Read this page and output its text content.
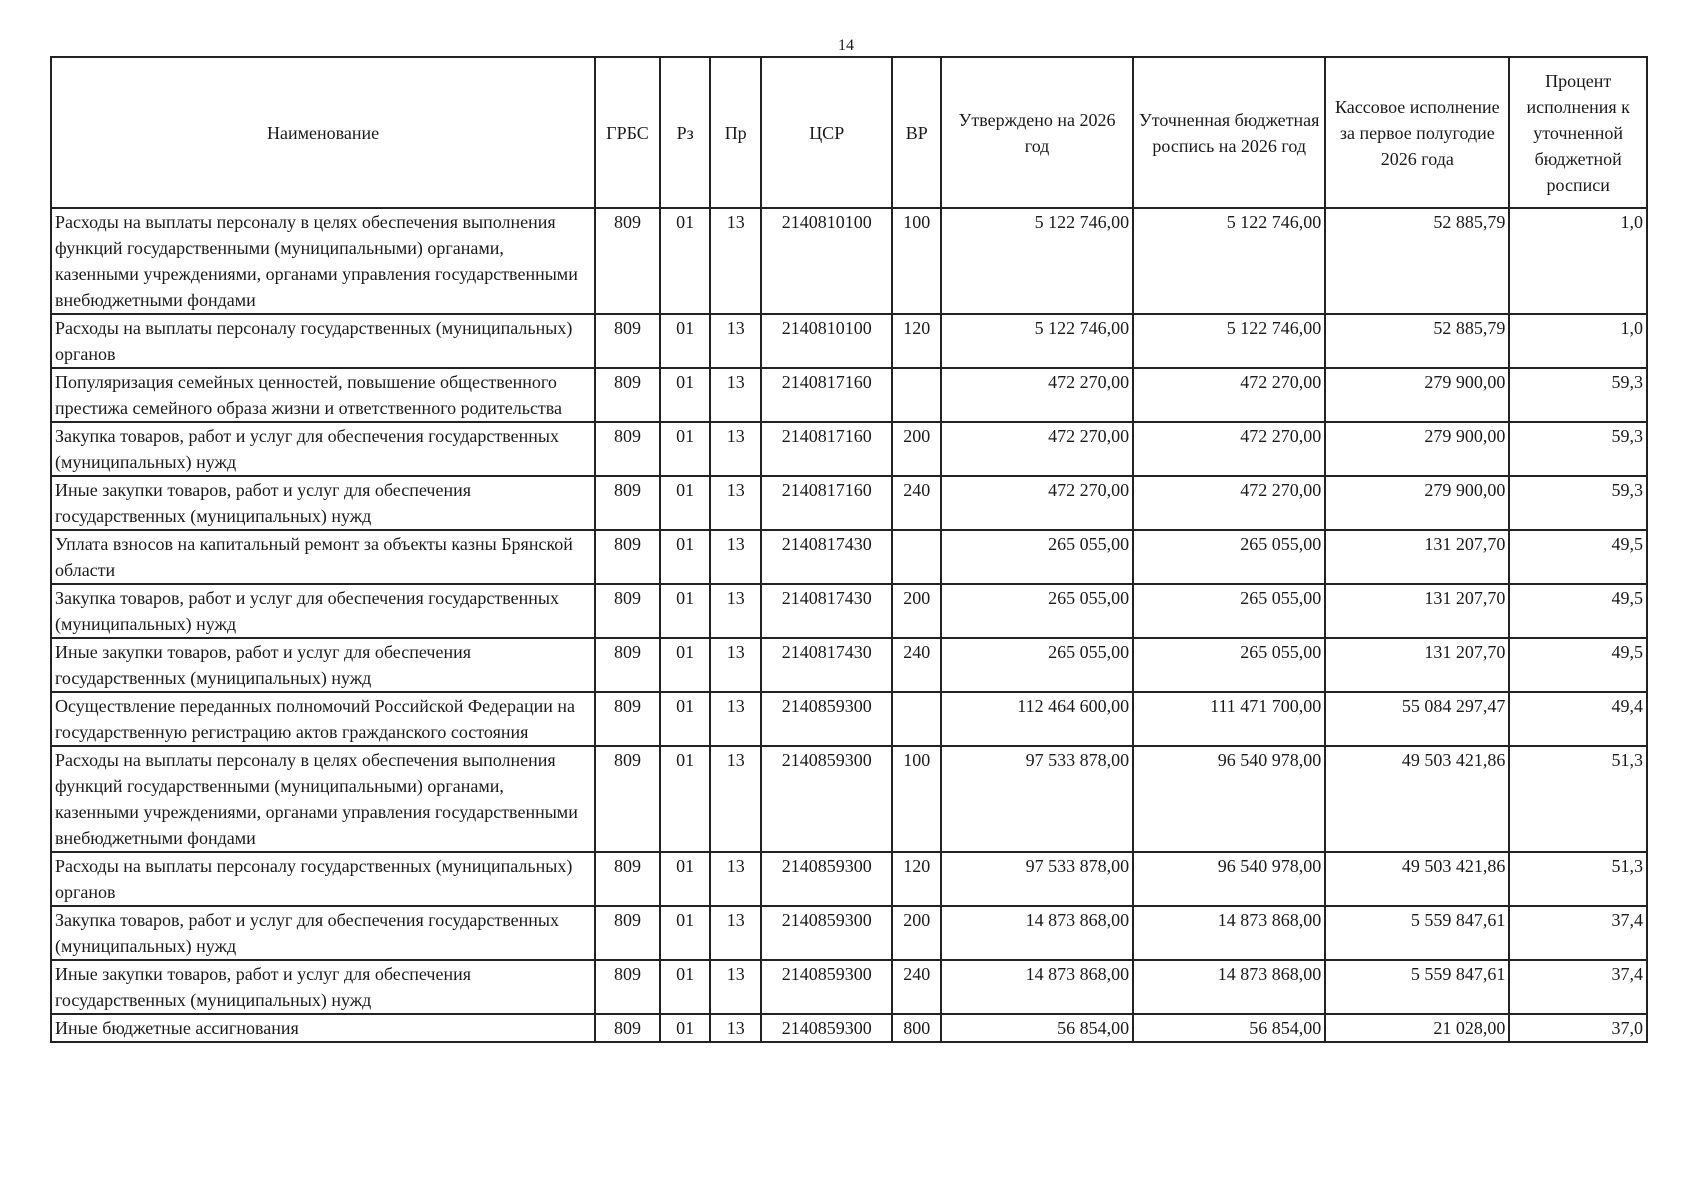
14
Наименование	ГРБС	Рз	Пр	ЦСР	ВР	Утверждено на 2026 год	Уточненная бюджетная роспись на 2026 год	Кассовое исполнение за первое полугодие 2026 года	Процент исполнения к уточненной бюджетной росписи
Расходы на выплаты персоналу в целях обеспечения выполнения функций государственными (муниципальными) органами, казенными учреждениями, органами управления государственными внебюджетными фондами	809	01	13	2140810100	100	5 122 746,00	5 122 746,00	52 885,79	1,0
Расходы на выплаты персоналу государственных (муниципальных) органов	809	01	13	2140810100	120	5 122 746,00	5 122 746,00	52 885,79	1,0
Популяризация семейных ценностей, повышение общественного престижа семейного образа жизни и ответственного родительства	809	01	13	2140817160		472 270,00	472 270,00	279 900,00	59,3
Закупка товаров, работ и услуг для обеспечения государственных (муниципальных) нужд	809	01	13	2140817160	200	472 270,00	472 270,00	279 900,00	59,3
Иные закупки товаров, работ и услуг для обеспечения государственных (муниципальных) нужд	809	01	13	2140817160	240	472 270,00	472 270,00	279 900,00	59,3
Уплата взносов на капитальный ремонт за объекты казны Брянской области	809	01	13	2140817430		265 055,00	265 055,00	131 207,70	49,5
Закупка товаров, работ и услуг для обеспечения государственных (муниципальных) нужд	809	01	13	2140817430	200	265 055,00	265 055,00	131 207,70	49,5
Иные закупки товаров, работ и услуг для обеспечения государственных (муниципальных) нужд	809	01	13	2140817430	240	265 055,00	265 055,00	131 207,70	49,5
Осуществление переданных полномочий Российской Федерации на государственную регистрацию актов гражданского состояния	809	01	13	2140859300		112 464 600,00	111 471 700,00	55 084 297,47	49,4
Расходы на выплаты персоналу в целях обеспечения выполнения функций государственными (муниципальными) органами, казенными учреждениями, органами управления государственными внебюджетными фондами	809	01	13	2140859300	100	97 533 878,00	96 540 978,00	49 503 421,86	51,3
Расходы на выплаты персоналу государственных (муниципальных) органов	809	01	13	2140859300	120	97 533 878,00	96 540 978,00	49 503 421,86	51,3
Закупка товаров, работ и услуг для обеспечения государственных (муниципальных) нужд	809	01	13	2140859300	200	14 873 868,00	14 873 868,00	5 559 847,61	37,4
Иные закупки товаров, работ и услуг для обеспечения государственных (муниципальных) нужд	809	01	13	2140859300	240	14 873 868,00	14 873 868,00	5 559 847,61	37,4
Иные бюджетные ассигнования	809	01	13	2140859300	800	56 854,00	56 854,00	21 028,00	37,0
